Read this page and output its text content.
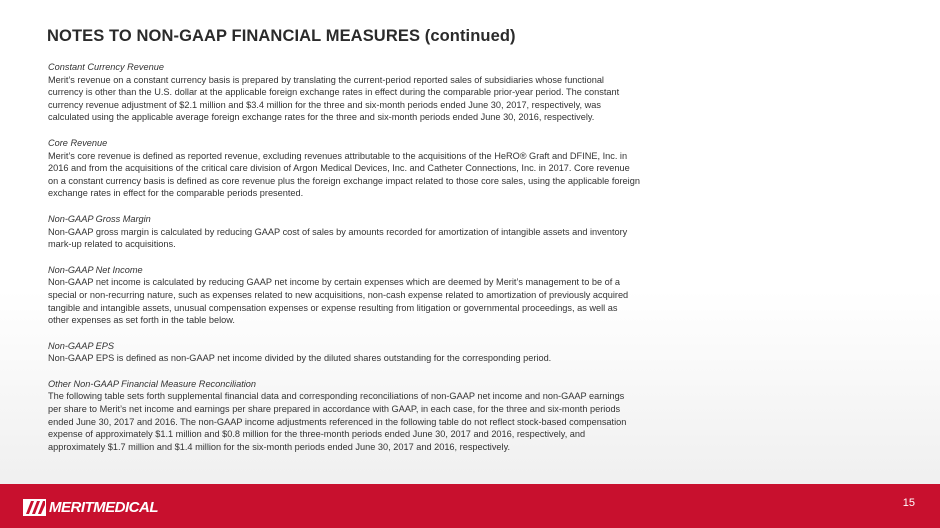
NOTES TO NON-GAAP FINANCIAL MEASURES (continued)
Constant Currency Revenue
Merit’s revenue on a constant currency basis is prepared by translating the current-period reported sales of subsidiaries whose functional
currency is other than the U.S. dollar at the applicable foreign exchange rates in effect during the comparable prior-year period. The constant
currency revenue adjustment of $2.1 million and $3.4 million for the three and six-month periods ended June 30, 2017, respectively, was
calculated using the applicable average foreign exchange rates for the three and six-month periods ended June 30, 2016, respectively.
Core Revenue
Merit’s core revenue is defined as reported revenue, excluding revenues attributable to the acquisitions of the HeRO® Graft and DFINE, Inc. in
2016 and from the acquisitions of the critical care division of Argon Medical Devices, Inc. and Catheter Connections, Inc. in 2017. Core revenue
on a constant currency basis is defined as core revenue plus the foreign exchange impact related to those core sales, using the applicable foreign
exchange rates in effect for the comparable periods presented.
Non-GAAP Gross Margin
Non-GAAP gross margin is calculated by reducing GAAP cost of sales by amounts recorded for amortization of intangible assets and inventory
mark-up related to acquisitions.
Non-GAAP Net Income
Non-GAAP net income is calculated by reducing GAAP net income by certain expenses which are deemed by Merit’s management to be of a
special or non-recurring nature, such as expenses related to new acquisitions, non-cash expense related to amortization of previously acquired
tangible and intangible assets, unusual compensation expenses or expense resulting from litigation or governmental proceedings, as well as
other expenses as set forth in the table below.
Non-GAAP EPS
Non-GAAP EPS is defined as non-GAAP net income divided by the diluted shares outstanding for the corresponding period.
Other Non-GAAP Financial Measure Reconciliation
The following table sets forth supplemental financial data and corresponding reconciliations of non-GAAP net income and non-GAAP earnings
per share to Merit’s net income and earnings per share prepared in accordance with GAAP, in each case, for the three and six-month periods
ended June 30, 2017 and 2016. The non-GAAP income adjustments referenced in the following table do not reflect stock-based compensation
expense of approximately $1.1 million and $0.8 million for the three-month periods ended June 30, 2017 and 2016, respectively, and
approximately $1.7 million and $1.4 million for the six-month periods ended June 30, 2017 and 2016, respectively.
MERITMEDICAL	15
